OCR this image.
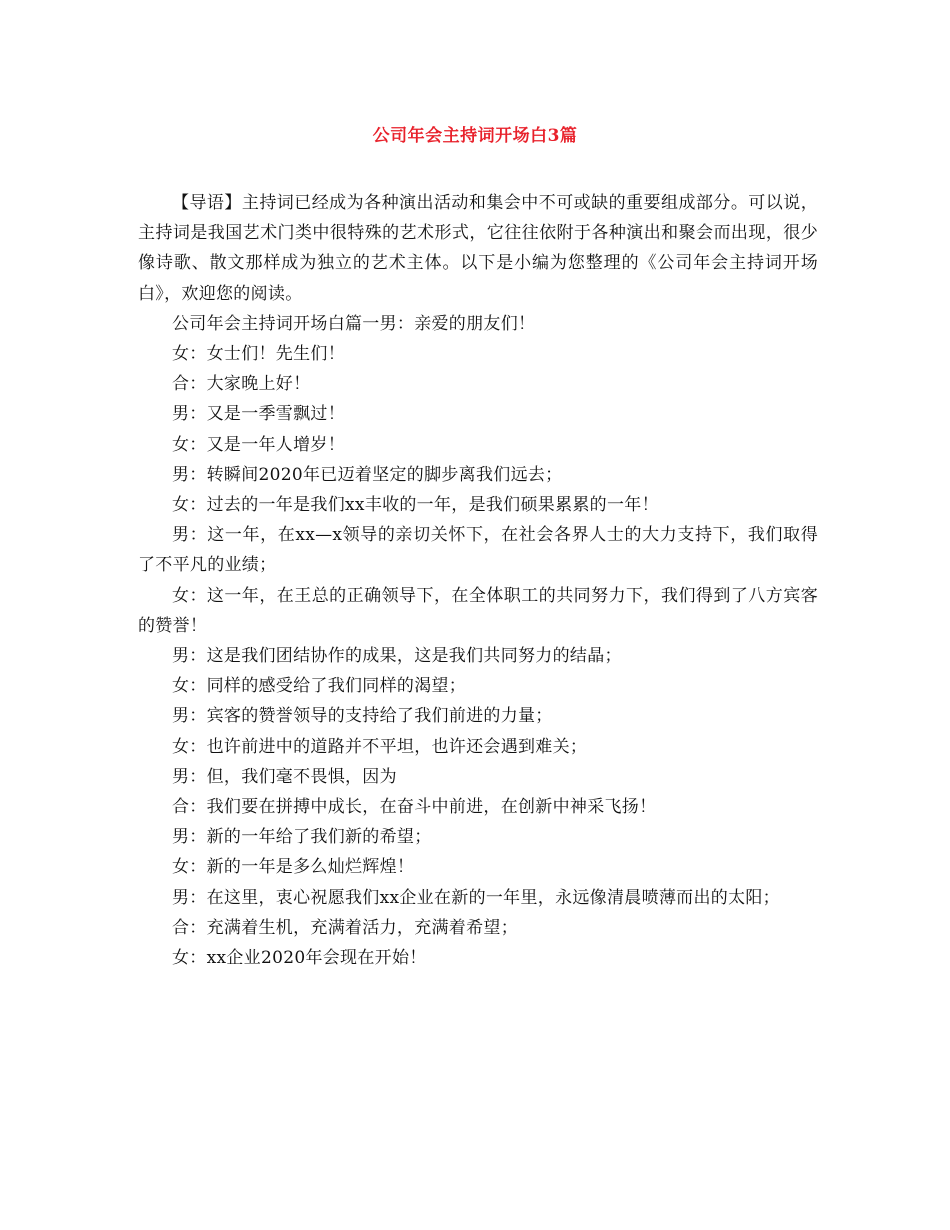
公司年会主持词开场白3篇

【导语】主持词已经成为各种演出活动和集会中不可或缺的重要组成部分。可以说，主持词是我国艺术门类中很特殊的艺术形式，它往往依附于各种演出和聚会而出现，很少像诗歌、散文那样成为独立的艺术主体。以下是小编为您整理的《公司年会主持词开场白》，欢迎您的阅读。

公司年会主持词开场白篇一男：亲爱的朋友们！

女：女士们！先生们！

合：大家晚上好！

男：又是一季雪飘过！

女：又是一年人增岁！

男：转瞬间2020年已迈着坚定的脚步离我们远去；

女：过去的一年是我们xx丰收的一年，是我们硕果累累的一年！

男：这一年，在xx—x领导的亲切关怀下，在社会各界人士的大力支持下，我们取得了不平凡的业绩；

女：这一年，在王总的正确领导下，在全体职工的共同努力下，我们得到了八方宾客的赞誉！

男：这是我们团结协作的成果，这是我们共同努力的结晶；

女：同样的感受给了我们同样的渴望；

男：宾客的赞誉领导的支持给了我们前进的力量；

女：也许前进中的道路并不平坦，也许还会遇到难关；

男：但，我们毫不畏惧，因为

合：我们要在拼搏中成长，在奋斗中前进，在创新中神采飞扬！

男：新的一年给了我们新的希望；

女：新的一年是多么灿烂辉煌！

男：在这里，衷心祝愿我们xx企业在新的一年里，永远像清晨喷薄而出的太阳；

合：充满着生机，充满着活力，充满着希望；

女：xx企业2020年会现在开始！
